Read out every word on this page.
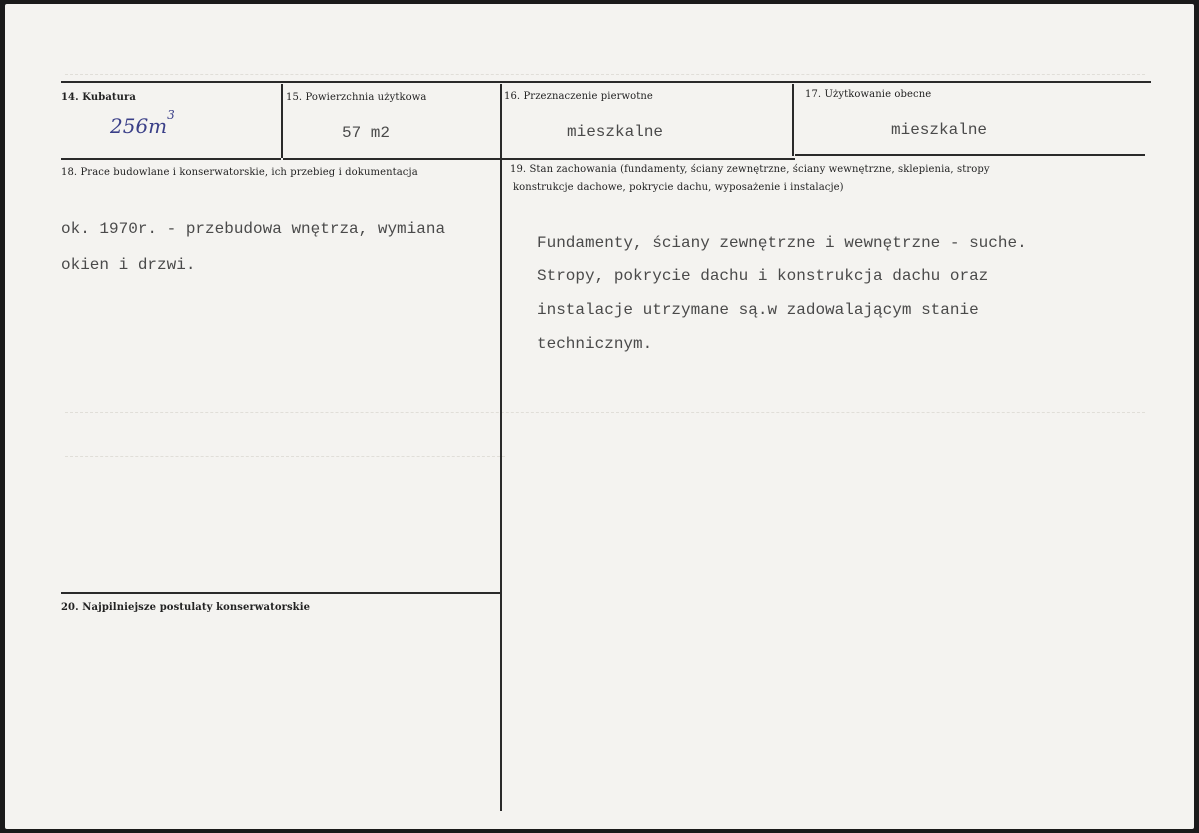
14. Kubatura
$256m^3$
15. Powierzchnia użytkowa
57 m2
16. Przeznaczenie pierwotne
mieszkalne
17. Użytkowanie obecne
mieszkalne
18. Prace budowlane i konserwatorskie, ich przebieg i dokumentacja
ok. 1970r. - przebudowa wnętrza, wymiana
okien i drzwi.
19. Stan zachowania (fundamenty, ściany zewnętrzne, ściany wewnętrzne, sklepienia, stropy
konstrukcje dachowe, pokrycie dachu, wyposażenie i instalacje)
Fundamenty, ściany zewnętrzne i wewnętrzne - suche.
Stropy, pokrycie dachu i konstrukcja dachu oraz
instalacje utrzymane są.w zadowalającym stanie
technicznym.
20. Najpilniejsze postulaty konserwatorskie
